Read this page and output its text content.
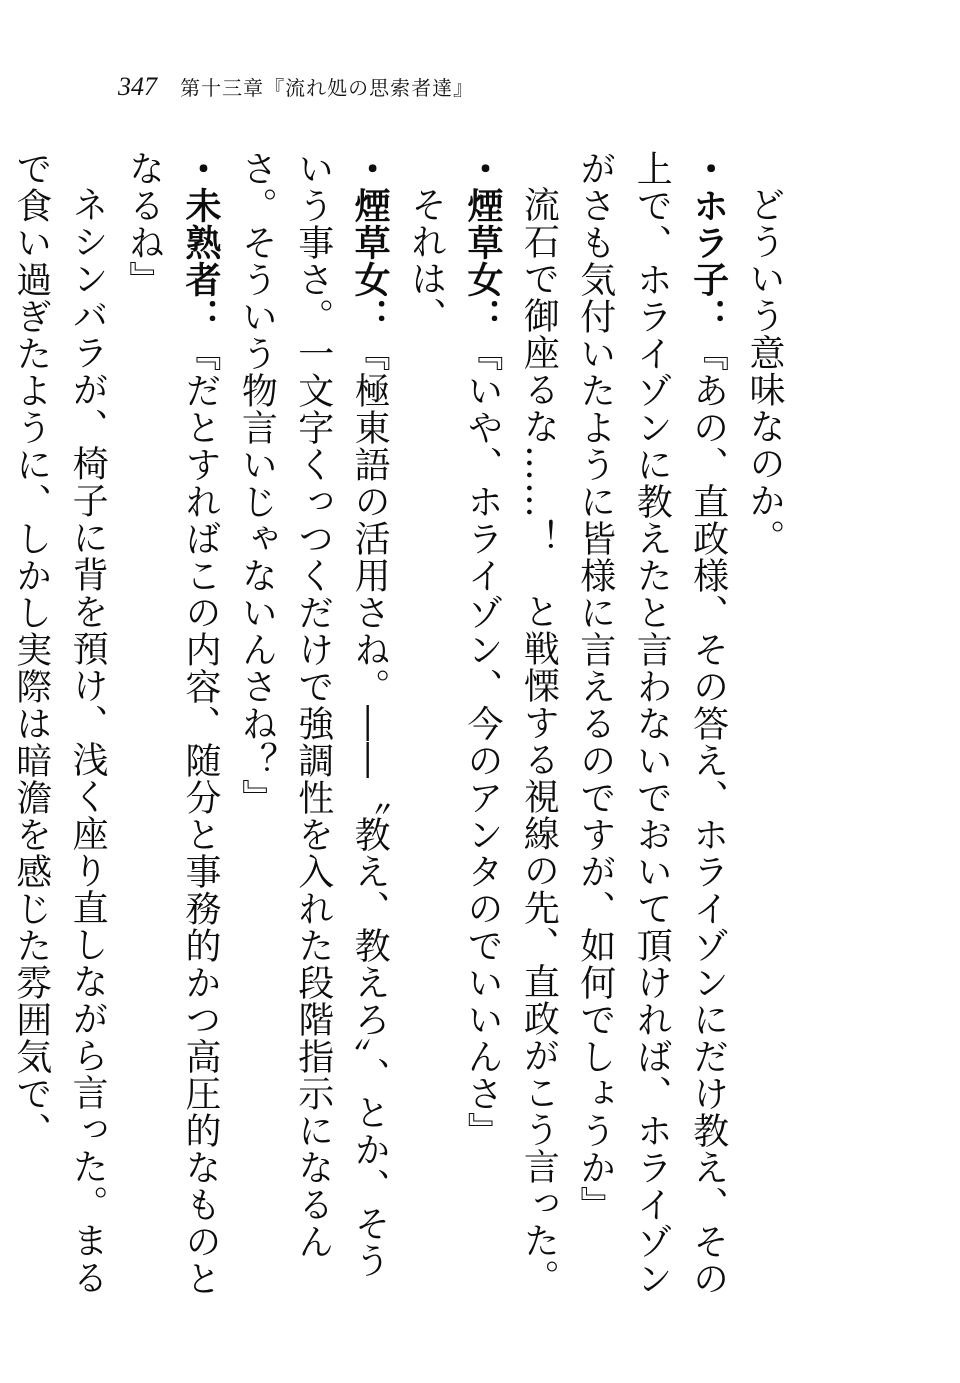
347 第十三章『流れ処の思索者達』

どういう意味なのか。

・ホラ子：『あの、直政様、その答え、ホライゾンにだけ教え、その上で、ホライゾンに教えたと言わないでおいて頂ければ、ホライゾンがさも気付いたように皆様に言えるのですが、如何でしょうか』

流石で御座るな……！　と戦慄する視線の先、直政がこう言った。

・煙草女：『いや、ホライゾン、今のアンタのでいいんさ』

それは、

・煙草女：『極東語の活用さね。――〝教え、教えろ〟、とか、そういう事さ。一文字くっつくだけで強調性を入れた段階指示になるんさ。そういう物言いじゃないんさね？』

・未熟者：『だとすればこの内容、随分と事務的かつ高圧的なものとなるね』

ネシンバラが、椅子に背を預け、浅く座り直しながら言った。まるで食い過ぎたように、しかし実際は暗澹を感じた雰囲気で、
